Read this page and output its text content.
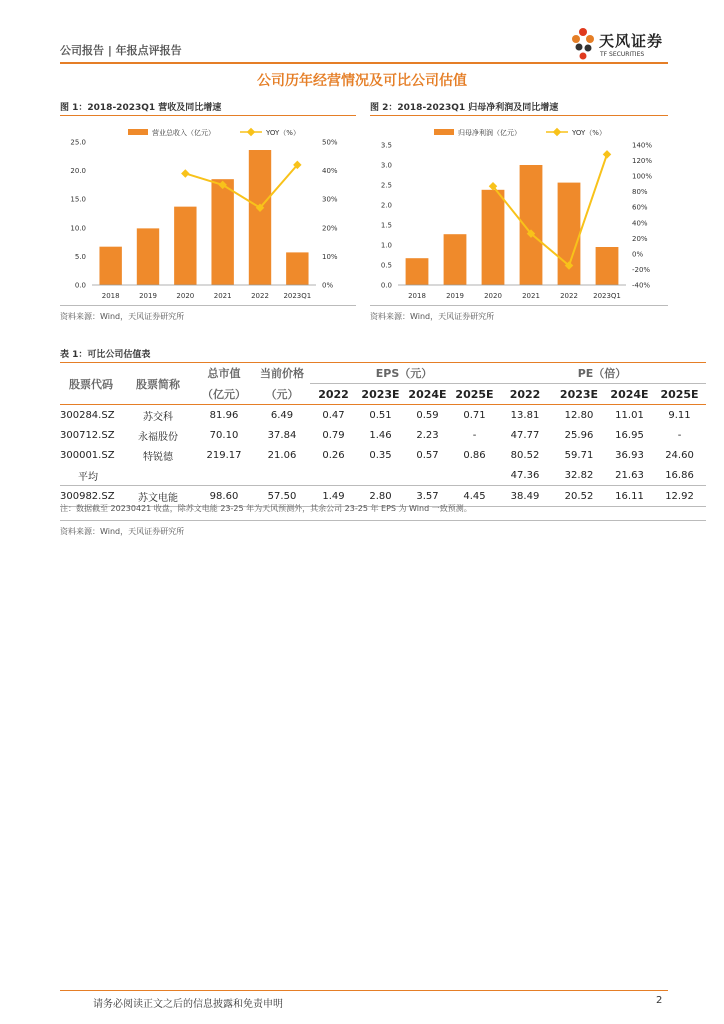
公司报告 | 年报点评报告
天风证券
TF SECURITIES
公司历年经营情况及可比公司估值
图 1：2018-2023Q1 营收及同比增速
营业总收入（亿元）	YOY（%）
0.0
5.0
10.0
15.0
20.0
25.0
0%
10%
20%
30%
40%
50%
2018	2019	2020	2021	2022 2023Q1
资料来源：Wind，天风证券研究所
图 2：2018-2023Q1 归母净利润及同比增速
归母净利润（亿元）	YOY（%）
0.0
0.5
1.0
1.5
2.0
2.5
3.0
3.5
-40%
-20%
0%
20%
40%
60%
80%
100%
120%
140%
2018	2019	2020	2021	2022 2023Q1
资料来源：Wind，天风证券研究所
表 1：可比公司估值表
股票代码	股票简称	总市值	当前价格	EPS（元）				PE（倍）			
		（亿元）	（元）	2022	2023E	2024E	2025E	2022	2023E	2024E	2025E
300284.SZ	苏交科	81.96	6.49	0.47	0.51	0.59	0.71	13.81	12.80	11.01	9.11
300712.SZ	永福股份	70.10	37.84	0.79	1.46	2.23	-	47.77	25.96	16.95	-
300001.SZ	特锐德	219.17	21.06	0.26	0.35	0.57	0.86	80.52	59.71	36.93	24.60
平均								47.36	32.82	21.63	16.86
300982.SZ	苏文电能	98.60	57.50	1.49	2.80	3.57	4.45	38.49	20.52	16.11	12.92
注：数据截至 20230421 收盘，除苏文电能 23-25 年为天风预测外，其余公司 23-25 年 EPS 为 Wind 一致预测。
资料来源：Wind，天风证券研究所
请务必阅读正文之后的信息披露和免责申明	2
